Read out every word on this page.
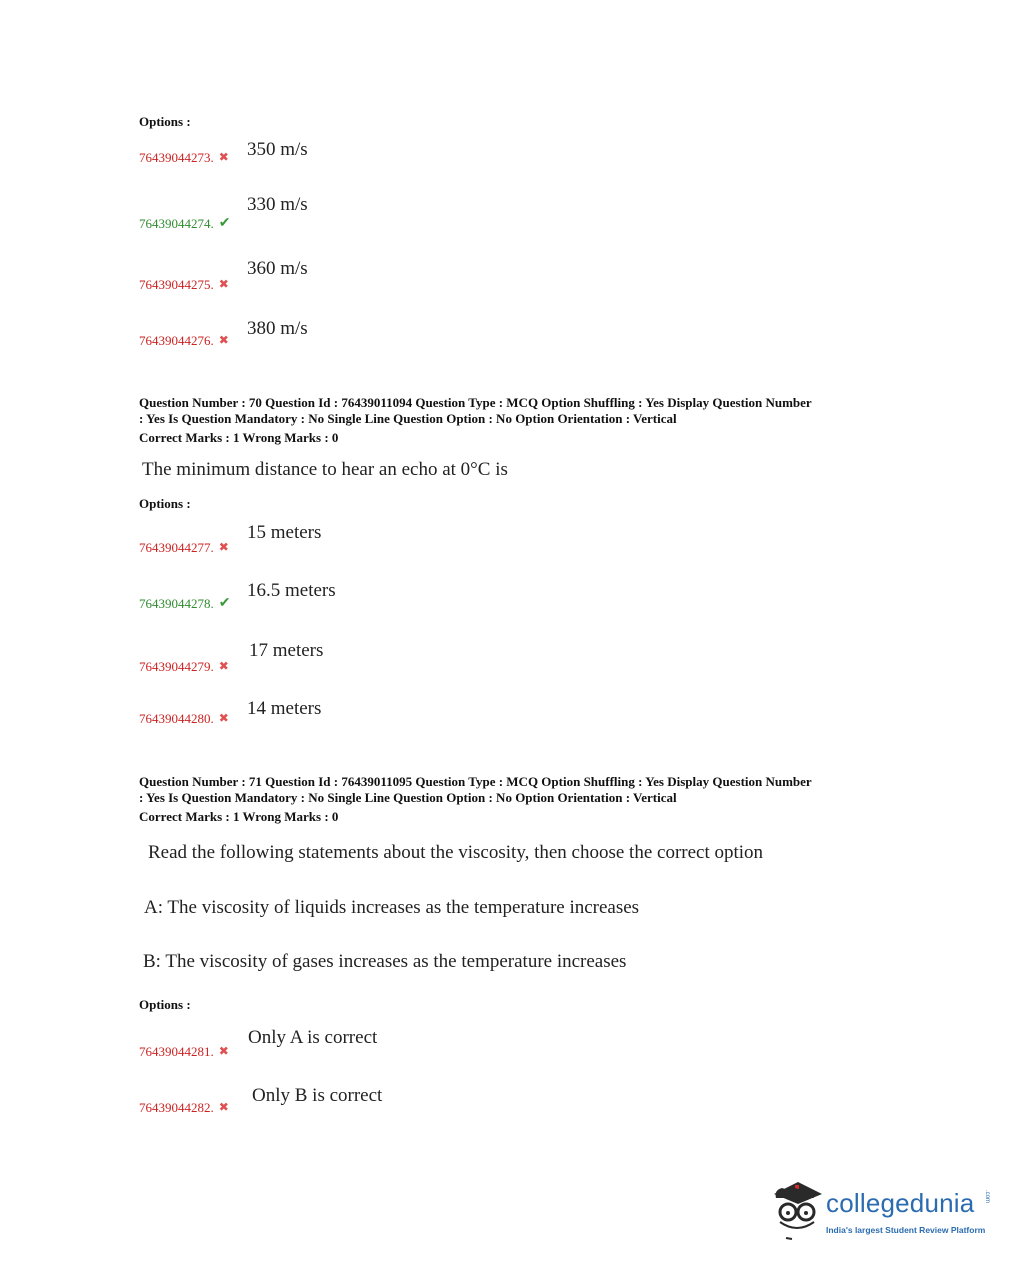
Options :
76439044273. ✖ 350 m/s
76439044274. ✔
330 m/s
76439044275. ✖
360 m/s
76439044276. ✖
380 m/s
Question Number : 70 Question Id : 76439011094 Question Type : MCQ Option Shuffling : Yes Display Question Number
: Yes Is Question Mandatory : No Single Line Question Option : No Option Orientation : Vertical
Correct Marks : 1 Wrong Marks : 0
The minimum distance to hear an echo at 0°C is
Options :
76439044277. ✖
15 meters
76439044278. ✔
16.5 meters
76439044279. ✖
17 meters
76439044280. ✖ 14 meters
Question Number : 71 Question Id : 76439011095 Question Type : MCQ Option Shuffling : Yes Display Question Number
: Yes Is Question Mandatory : No Single Line Question Option : No Option Orientation : Vertical
Correct Marks : 1 Wrong Marks : 0
Read the following statements about the viscosity, then choose the correct option
A: The viscosity of liquids increases as the temperature increases
B: The viscosity of gases increases as the temperature increases
Options :
76439044281. ✖
Only A is correct
76439044282. ✖
Only B is correct
collegedunia .com
India's largest Student Review Platform
